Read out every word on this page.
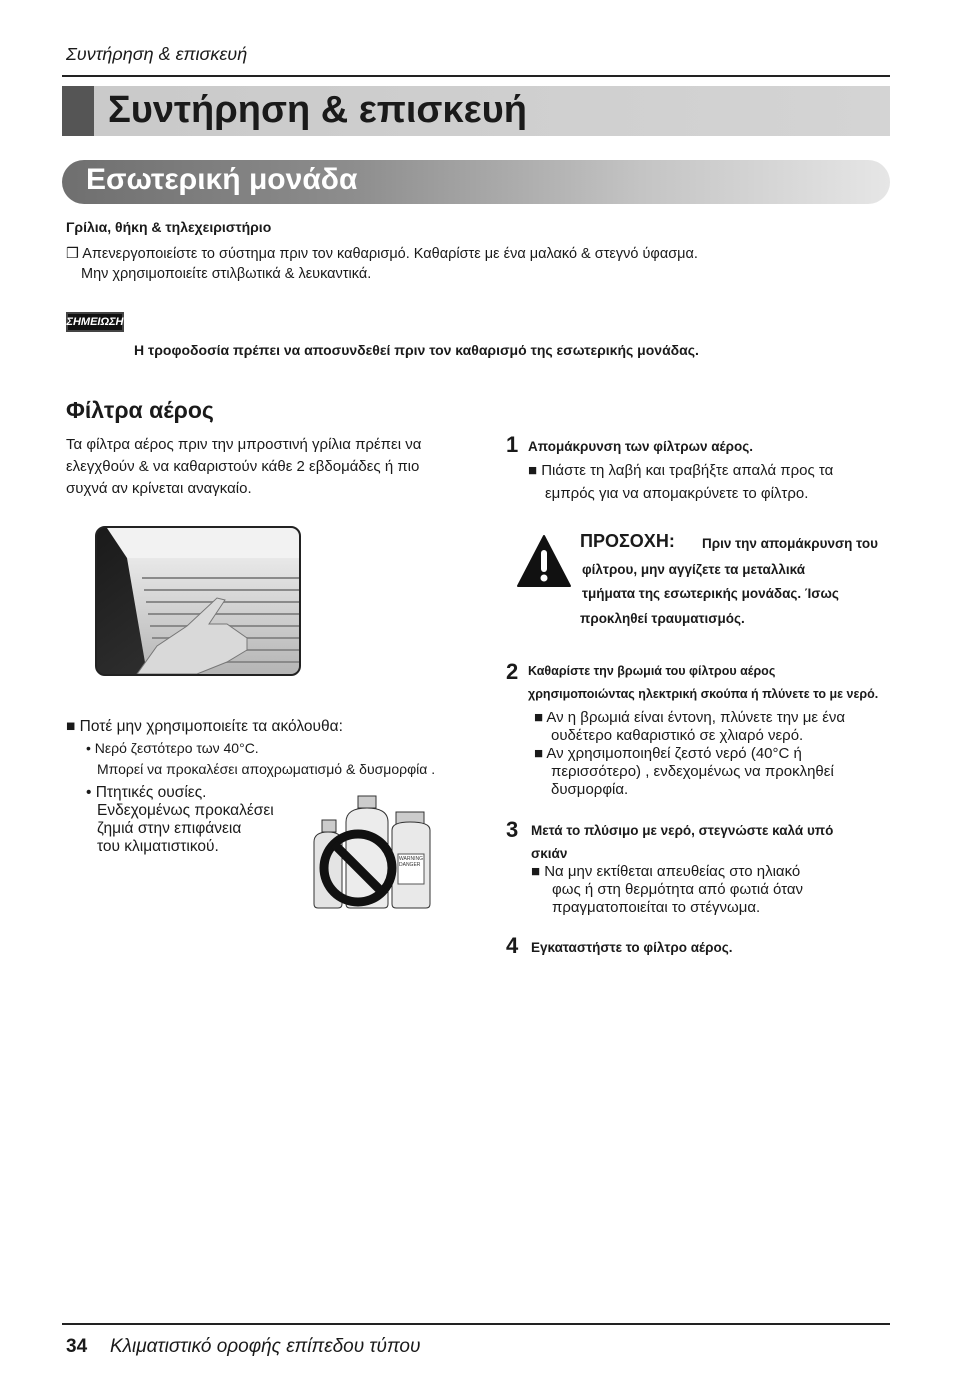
Συντήρηση & επισκευή
Συντήρηση & επισκευή
Εσωτερική μονάδα
Γρίλια, θήκη & τηλεχειριστήριο
❒ Απενεργοποιείστε το σύστημα πριν τον καθαρισμό. Καθαρίστε με ένα μαλακό & στεγνό ύφασμα.
Μην χρησιμοποιείτε στιλβωτικά & λευκαντικά.
ΣΗΜΕΙΩΣΗ
Η τροφοδοσία πρέπει να αποσυνδεθεί πριν τον καθαρισμό της εσωτερικής μονάδας.
Φίλτρα αέρος
Τα φίλτρα αέρος πριν την μπροστινή γρίλια πρέπει να
ελεγχθούν & να καθαριστούν κάθε 2 εβδομάδες ή πιο
συχνά αν κρίνεται αναγκαίο.
■ Ποτέ μην χρησιμοποιείτε τα ακόλουθα:
• Νερό ζεστότερο των 40°C.
Μπορεί να προκαλέσει αποχρωματισμό & δυσμορφία .
• Πτητικές ουσίες.
Ενδεχομένως προκαλέσει
ζημιά στην επιφάνεια
του κλιματιστικού.
WARNING DANGER
1 Απομάκρυνση των φίλτρων αέρος.
■ Πιάστε τη λαβή και τραβήξτε απαλά προς τα
εμπρός για να απομακρύνετε το φίλτρο.
ΠΡΟΣΟΧΗ: Πριν την απομάκρυνση του
φίλτρου, μην αγγίζετε τα μεταλλικά
τμήματα της εσωτερικής μονάδας. Ίσως
προκληθεί τραυματισμός.
2 Καθαρίστε την βρωμιά του φίλτρου αέρος
χρησιμοποιώντας ηλεκτρική σκούπα ή πλύνετε το με νερό.
■ Αν η βρωμιά είναι έντονη, πλύνετε την με ένα
ουδέτερο καθαριστικό σε χλιαρό νερό.
■ Αν χρησιμοποιηθεί ζεστό νερό (40°C ή
περισσότερο) , ενδεχομένως να προκληθεί
δυσμορφία.
3 Μετά το πλύσιμο με νερό, στεγνώστε καλά υπό
σκιάν
■ Να μην εκτίθεται απευθείας στο ηλιακό
φως ή στη θερμότητα από φωτιά όταν
πραγματοποιείται το στέγνωμα.
4 Εγκαταστήστε το φίλτρο αέρος.
34 Κλιματιστικό οροφής επίπεδου τύπου
